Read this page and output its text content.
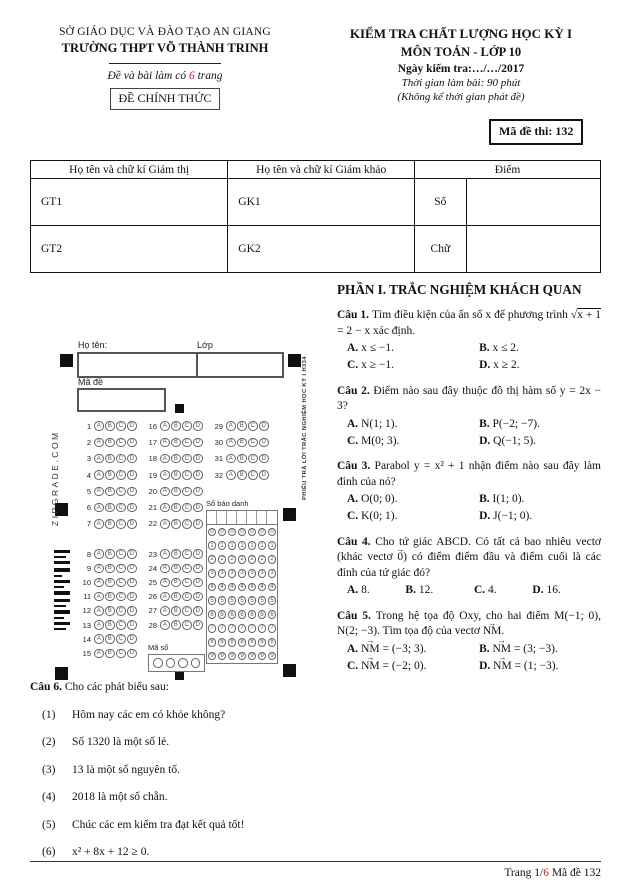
SỞ GIÁO DỤC VÀ ĐÀO TẠO AN GIANG
TRƯỜNG THPT VÕ THÀNH TRINH
Đề và bài làm có 6 trang
ĐỀ CHÍNH THỨC
KIỂM TRA CHẤT LƯỢNG HỌC KỲ I
MÔN TOÁN - LỚP 10
Ngày kiểm tra:…/…/2017
Thời gian làm bài: 90 phút
(Không kể thời gian phát đề)
Mã đề thi: 132
Họ tên và chữ kí Giám thị	Họ tên và chữ kí Giám khảo	Điểm	
GT1	GK1	Số	
GT2	GK2	Chữ	
Họ tên:	Lớp
Mã đề
ZIPGRADE.COM	PHIẾU TRẢ LỜI TRẮC NGHIỆM HỌC KỲ I H334
1 A	B	C	D	16 A	B	C	D	29 A	B	C	D
2 A	B	C	D	17 A	B	C	D	30 A	B	C	D
3 A	B	C	D	18 A	B	C	D	31 A	B	C	D
4 A	B	C	D	19 A	B	C	D	32 A	B	C	D
5 A	B	C	D	20 A	B	C	D
6 A	B	C	D	21 A	B	C	D
7 A	B	C	D	22 A	B	C	D
8 A	B	C	D	23 A	B	C	D
9 A	B	C	D	24 A	B	C	D
10 A	B	C	D	25 A	B	C	D
11 A	B	C	D	26 A	B	C	D
12 A	B	C	D	27 A	B	C	D
13 A	B	C	D	28 A	B	C	D
14 A	B	C	D
15 A	B	C	D
Số báo danh
0	0	0	0	0	0	0
1	1	1	1	1	1	1
2	2	2	2	2	2	2
3	3	3	3	3	3	3
4	4	4	4	4	4	4
5	5	5	5	5	5	5
6	6	6	6	6	6	6
7	7	7	7	7	7	7
8	8	8	8	8	8	8
9	9	9	9	9	9	9
Mã số
PHẦN I. TRẮC NGHIỆM KHÁCH QUAN
Câu 1. Tìm điều kiện của ẩn số x để phương trình √x + 1 = 2 − x xác định.
A. x ≤ −1.	B. x ≤ 2.
C. x ≥ −1.	D. x ≥ 2.
Câu 2. Điểm nào sau đây thuộc đồ thị hàm số y = 2x − 3?
A. N(1; 1).	B. P(−2; −7).
C. M(0; 3).	D. Q(−1; 5).
Câu 3. Parabol y = x² + 1 nhận điểm nào sau đây làm đỉnh của nó?
A. O(0; 0).	B. I(1; 0).
C. K(0; 1).	D. J(−1; 0).
Câu 4. Cho tứ giác ABCD. Có tất cả bao nhiêu vectơ (khác vectơ 0 →) có điểm điểm đầu và điểm cuối là các đỉnh của tứ giác đó?
A. 8.	B. 12.	C. 4.	D. 16.
Câu 5. Trong hệ tọa độ Oxy, cho hai điểm M(−1; 0), N(2; −3). Tìm tọa độ của vectơ NM →.
A. NM → = (−3; 3).	B. NM → = (3; −3).
C. NM → = (−2; 0).	D. NM → = (1; −3).
Câu 6. Cho các phát biểu sau:
(1)	Hôm nay các em có khỏe không?
(2)	Số 1320 là một số lẻ.
(3)	13 là một số nguyên tố.
(4)	2018 là một số chẵn.
(5)	Chúc các em kiểm tra đạt kết quả tốt!
(6)	x² + 8x + 12 ≥ 0.
Trang 1/6 Mã đề 132
